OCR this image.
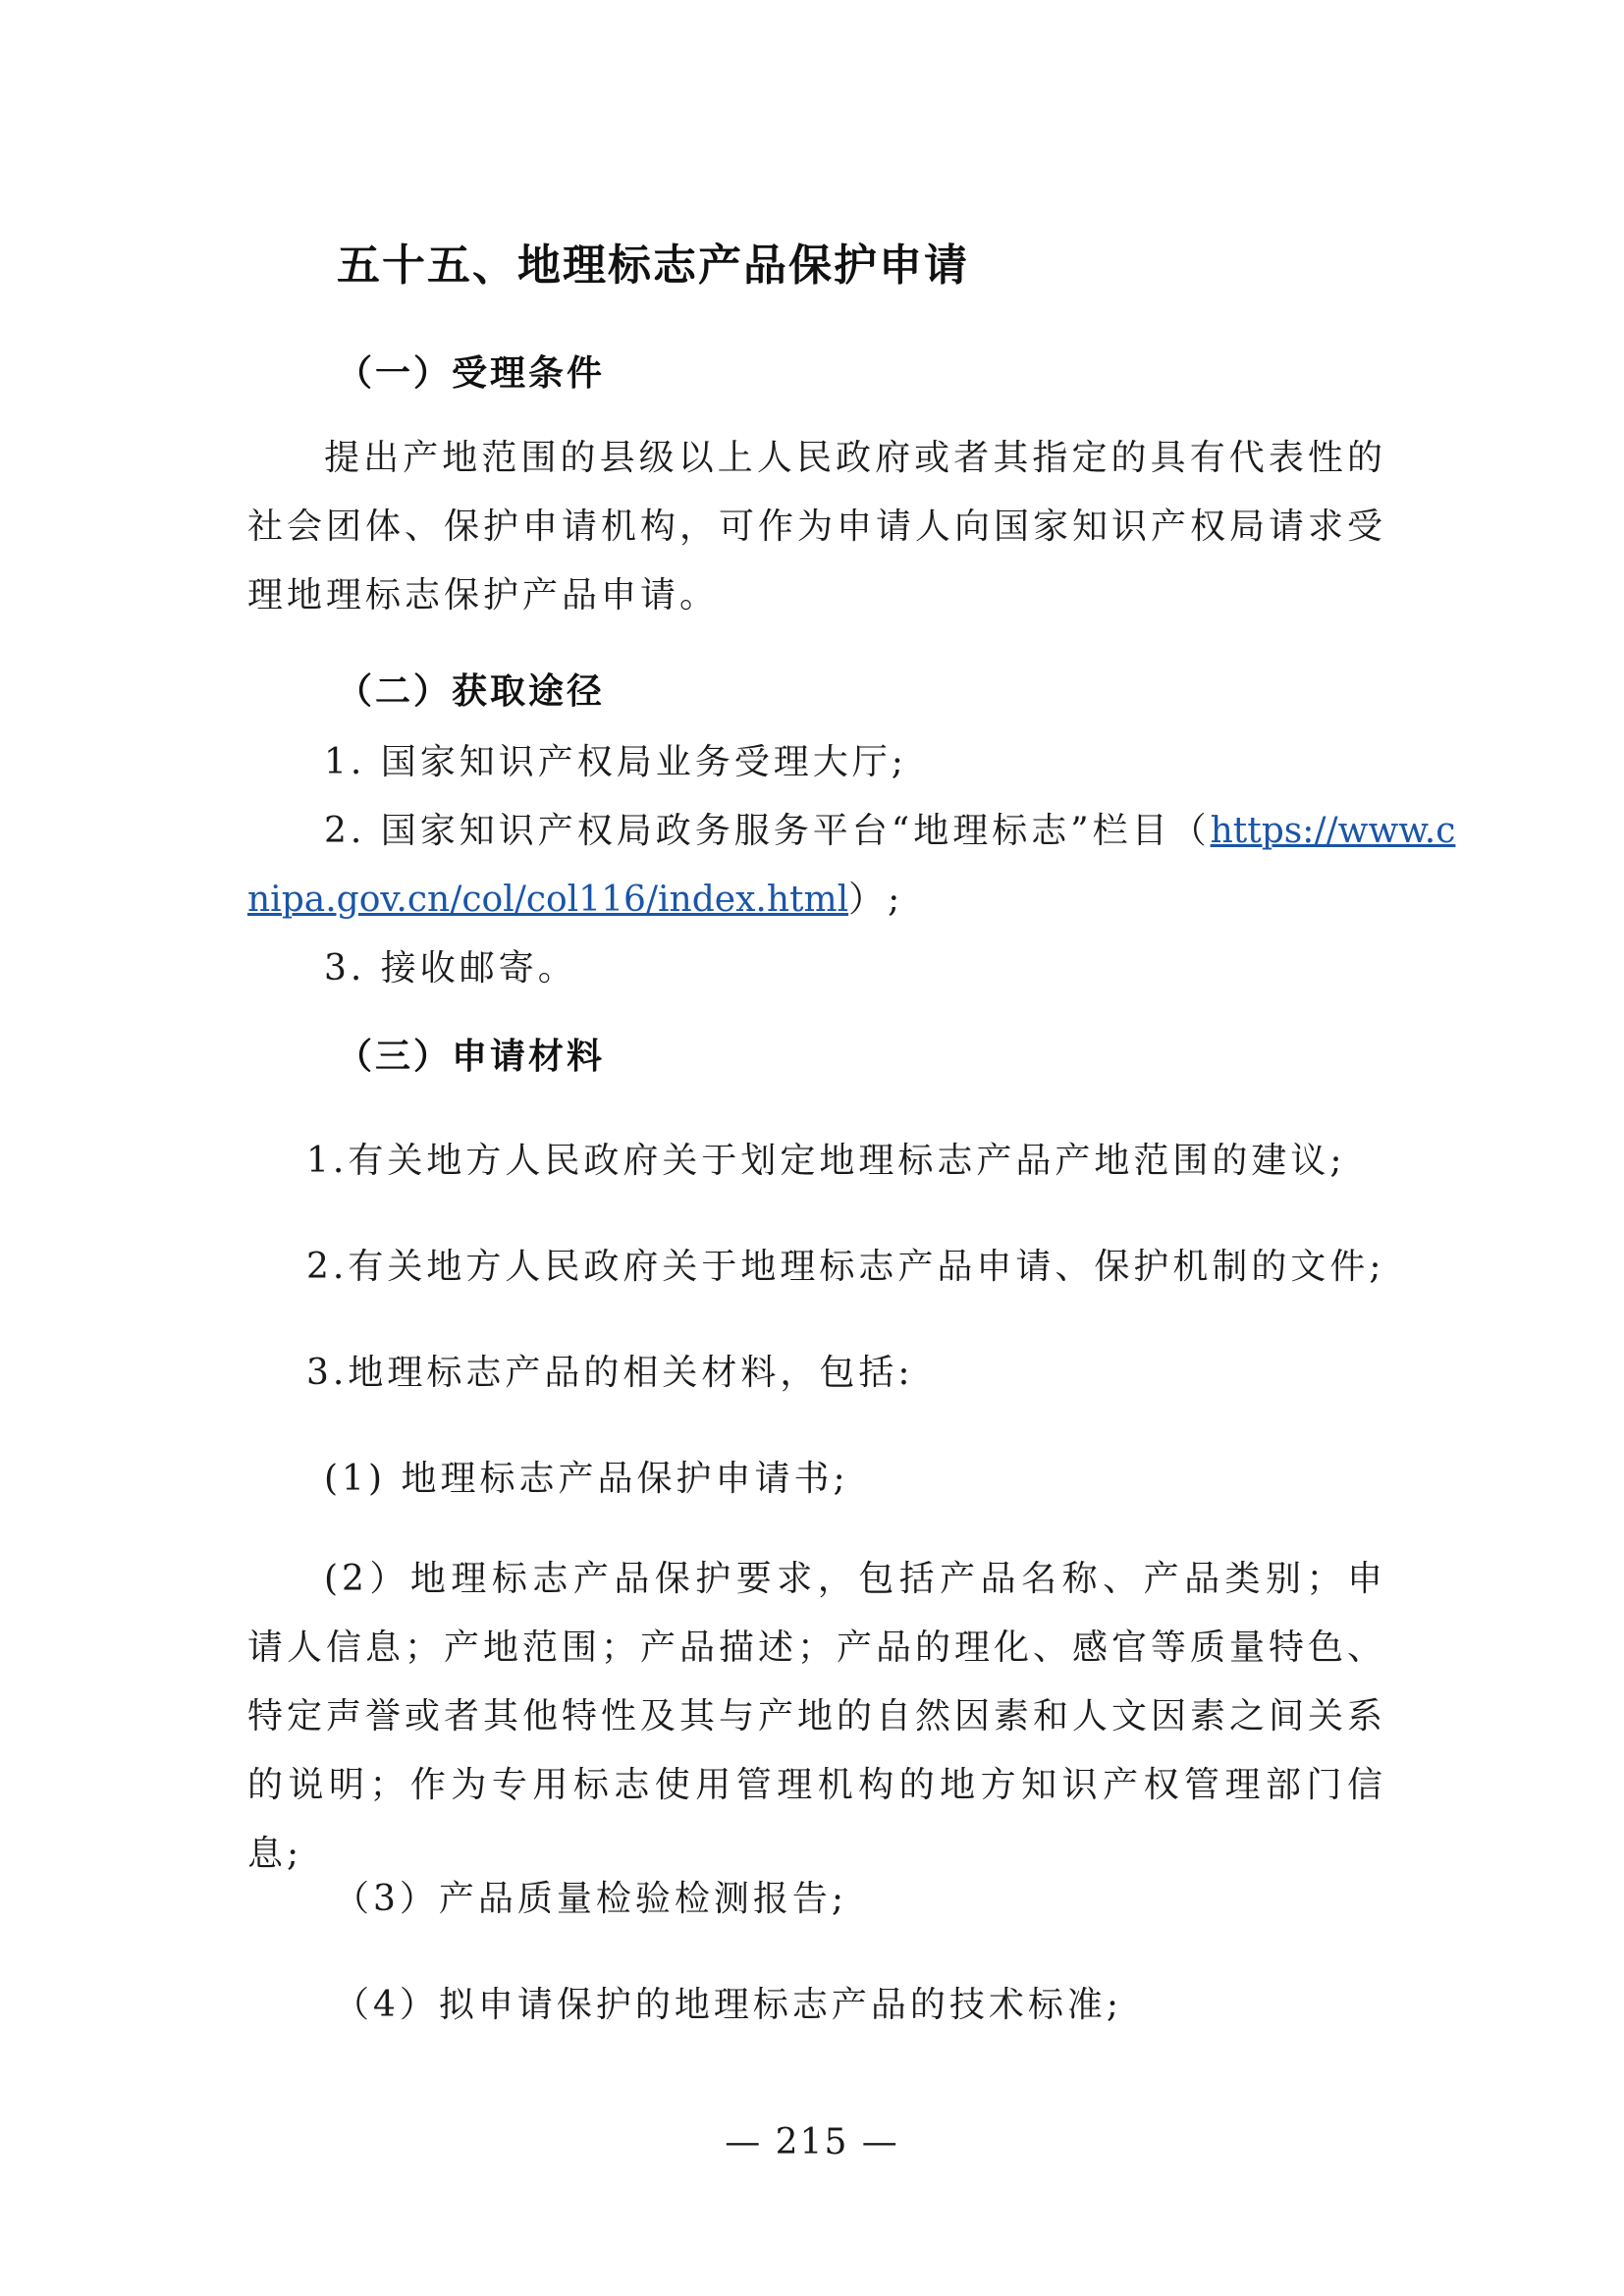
五十五、地理标志产品保护申请
（一）受理条件

提出产地范围的县级以上人民政府或者其指定的具有代表性的社会团体、保护申请机构，可作为申请人向国家知识产权局请求受理地理标志保护产品申请。

（二）获取途径
1. 国家知识产权局业务受理大厅;
2. 国家知识产权局政务服务平台“地理标志”栏目（https://www.c
nipa.gov.cn/col/col116/index.html）;
3. 接收邮寄。
（三）申请材料
1.有关地方人民政府关于划定地理标志产品产地范围的建议;
2.有关地方人民政府关于地理标志产品申请、保护机制的文件;
3.地理标志产品的相关材料，包括:
(1) 地理标志产品保护申请书;

(2）地理标志产品保护要求，包括产品名称、产品类别；申请人信息；产地范围；产品描述；产品的理化、感官等质量特色、特定声誉或者其他特性及其与产地的自然因素和人文因素之间关系的说明；作为专用标志使用管理机构的地方知识产权管理部门信息;

（3）产品质量检验检测报告;
（4）拟申请保护的地理标志产品的技术标准;
— 215 —
